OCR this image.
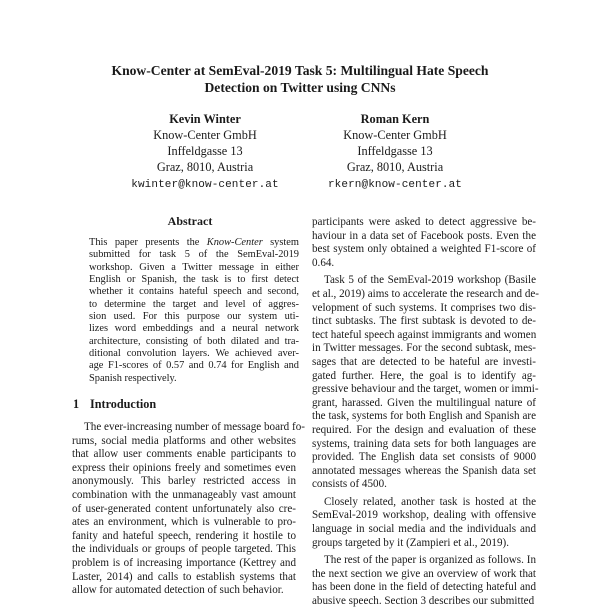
Know-Center at SemEval-2019 Task 5: Multilingual Hate Speech
Detection on Twitter using CNNs
Kevin Winter
Know-Center GmbH
Inffeldgasse 13
Graz, 8010, Austria
kwinter@know-center.at
Roman Kern
Know-Center GmbH
Inffeldgasse 13
Graz, 8010, Austria
rkern@know-center.at
Abstract
This paper presents the Know-Center system
submitted for task 5 of the SemEval-2019
workshop. Given a Twitter message in either
English or Spanish, the task is to first detect
whether it contains hateful speech and second,
to determine the target and level of aggres-
sion used. For this purpose our system uti-
lizes word embeddings and a neural network
architecture, consisting of both dilated and tra-
ditional convolution layers. We achieved aver-
age F1-scores of 0.57 and 0.74 for English and
Spanish respectively.
1 Introduction
The ever-increasing number of message board fo-
rums, social media platforms and other websites
that allow user comments enable participants to
express their opinions freely and sometimes even
anonymously. This barley restricted access in
combination with the unmanageably vast amount
of user-generated content unfortunately also cre-
ates an environment, which is vulnerable to pro-
fanity and hateful speech, rendering it hostile to
the individuals or groups of people targeted. This
problem is of increasing importance (Kettrey and
Laster, 2014) and calls to establish systems that
allow for automated detection of such behavior.
participants were asked to detect aggressive be-
haviour in a data set of Facebook posts. Even the
best system only obtained a weighted F1-score of
0.64.
Task 5 of the SemEval-2019 workshop (Basile
et al., 2019) aims to accelerate the research and de-
velopment of such systems. It comprises two dis-
tinct subtasks. The first subtask is devoted to de-
tect hateful speech against immigrants and women
in Twitter messages. For the second subtask, mes-
sages that are detected to be hateful are investi-
gated further. Here, the goal is to identify ag-
gressive behaviour and the target, women or immi-
grant, harassed. Given the multilingual nature of
the task, systems for both English and Spanish are
required. For the design and evaluation of these
systems, training data sets for both languages are
provided. The English data set consists of 9000
annotated messages whereas the Spanish data set
consists of 4500.
Closely related, another task is hosted at the
SemEval-2019 workshop, dealing with offensive
language in social media and the individuals and
groups targeted by it (Zampieri et al., 2019).
The rest of the paper is organized as follows. In
the next section we give an overview of work that
has been done in the field of detecting hateful and
abusive speech. Section 3 describes our submitted
